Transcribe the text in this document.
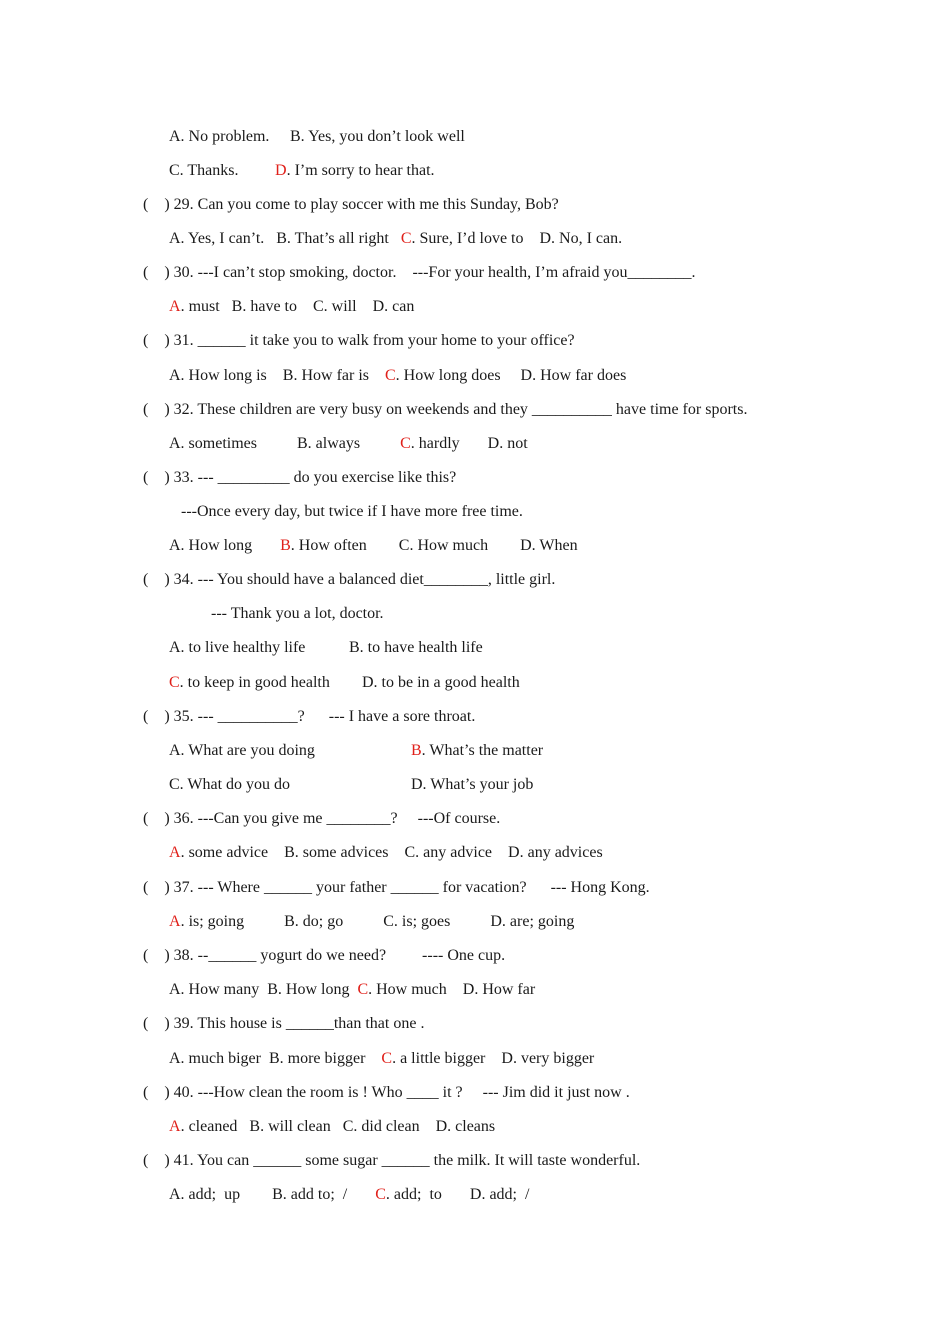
A. No problem. B. Yes, you don’t look well
C. Thanks. D. I’m sorry to hear that.
(    ) 29. Can you come to play soccer with me this Sunday, Bob?
A. Yes, I can’t.   B. That’s all right   C. Sure, I’d love to    D. No, I can.
(    ) 30. ---I can’t stop smoking, doctor.    ---For your health, I’m afraid you________.
A. must   B. have to    C. will    D. can
(    ) 31. ______ it take you to walk from your home to your office?
A. How long is    B. How far is    C. How long does     D. How far does
(    ) 32. These children are very busy on weekends and they __________ have time for sports.
A. sometimes          B. always          C. hardly       D. not
(    ) 33. --- _________ do you exercise like this?
---Once every day, but twice if I have more free time.
A. How long       B. How often        C. How much        D. When
(    ) 34. --- You should have a balanced diet________, little girl.
--- Thank you a lot, doctor.
A. to live healthy life	B. to have health life
C. to keep in good health D. to be in a good health
(    ) 35. --- __________?      --- I have a sore throat.
A. What are you doing	B. What’s the matter
C. What do you do	D. What’s your job
(    ) 36. ---Can you give me ________?     ---Of course.
A. some advice    B. some advices    C. any advice    D. any advices
(    ) 37. --- Where ______ your father ______ for vacation?      --- Hong Kong.
A. is; going          B. do; go          C. is; goes          D. are; going
(    ) 38. --______ yogurt do we need?         ---- One cup.
A. How many  B. How long  C. How much    D. How far
(    ) 39. This house is ______than that one .
A. much biger  B. more bigger    C. a little bigger    D. very bigger
(    ) 40. ---How clean the room is ! Who ____ it ?     --- Jim did it just now .
A. cleaned   B. will clean   C. did clean    D. cleans
(    ) 41. You can ______ some sugar ______ the milk. It will taste wonderful.
A. add;  up        B. add to;  /       C. add;  to       D. add;  /
